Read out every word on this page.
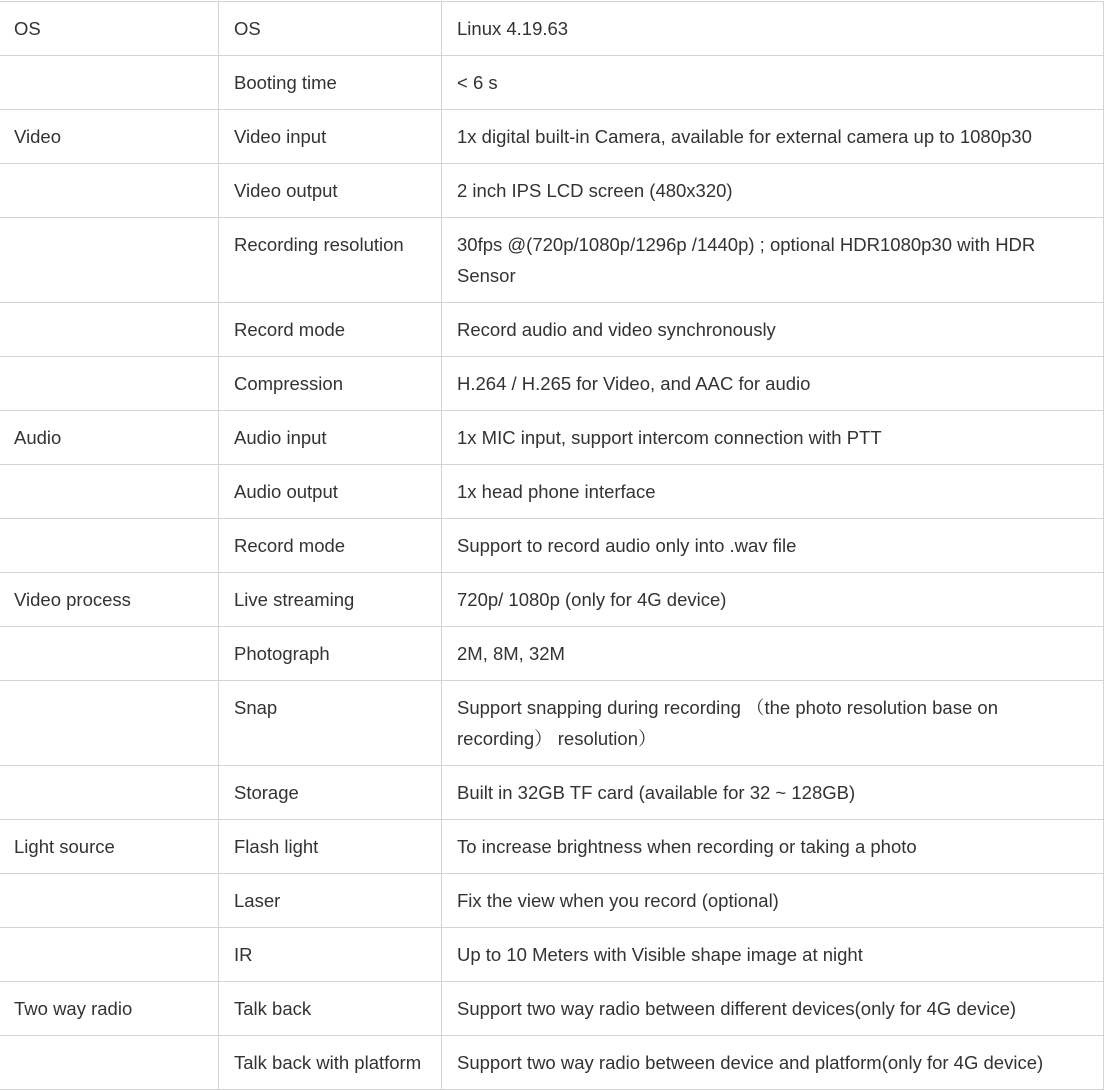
OS	OS	Linux 4.19.63
	Booting time	< 6 s
Video	Video input	1x digital built-in Camera, available for external camera up to 1080p30
	Video output	2 inch IPS LCD screen (480x320)
	Recording resolution	30fps @(720p/1080p/1296p /1440p) ; optional HDR1080p30 with HDR Sensor
	Record mode	Record audio and video synchronously
	Compression	H.264 / H.265 for Video, and AAC for audio
Audio	Audio input	1x MIC input, support intercom connection with PTT
	Audio output	1x head phone interface
	Record mode	Support to record audio only into .wav file
Video process	Live streaming	720p/ 1080p (only for 4G device)
	Photograph	2M, 8M, 32M
	Snap	Support snapping during recording （the photo resolution base on recording） resolution）
	Storage	Built in 32GB TF card (available for 32 ~ 128GB)
Light source	Flash light	To increase brightness when recording or taking a photo
	Laser	Fix the view when you record (optional)
	IR	Up to 10 Meters with Visible shape image at night
Two way radio	Talk back	Support two way radio between different devices(only for 4G device)
	Talk back with platform	Support two way radio between device and platform(only for 4G device)
